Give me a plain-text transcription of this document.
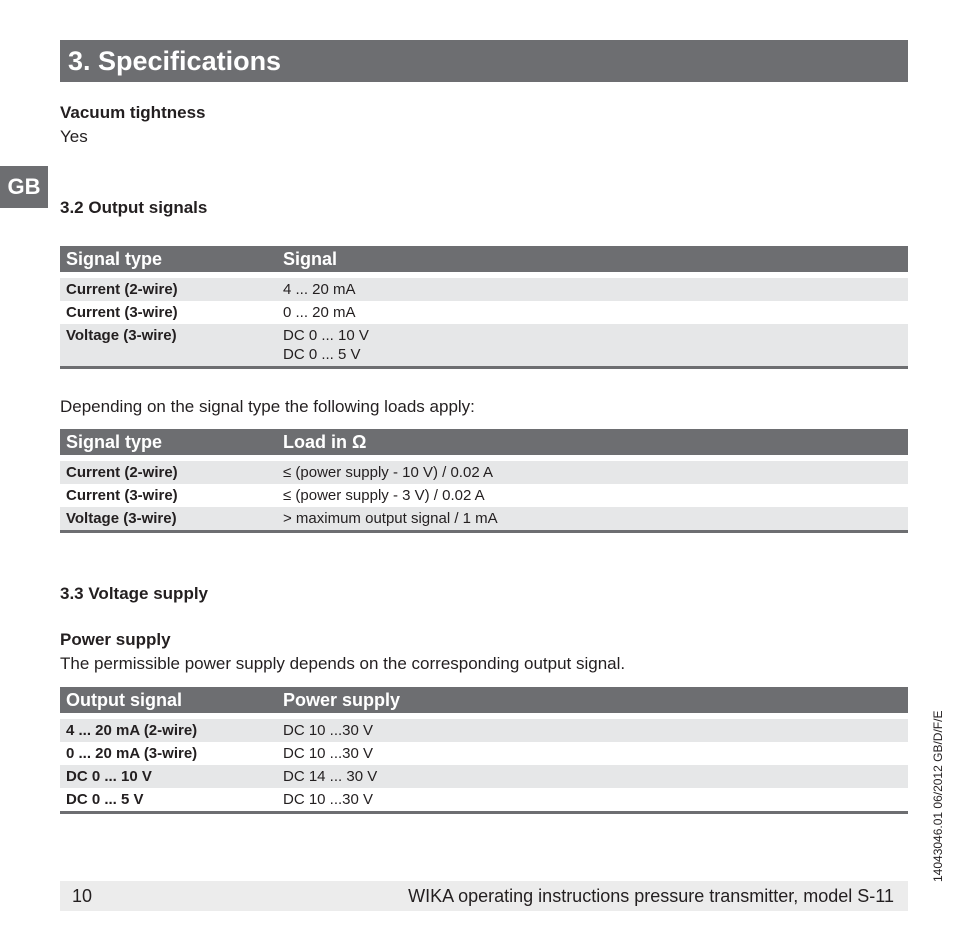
3. Specifications
GB
Vacuum tightness
Yes
3.2 Output signals
Signal type	Signal

Current (2-wire)	4 ... 20 mA
Current (3-wire)	0 ... 20 mA
Voltage (3-wire)	DC 0 ... 10 V
DC 0 ... 5 V
Depending on the signal type the following loads apply:
Signal type	Load in Ω

Current (2-wire)	≤ (power supply - 10 V) / 0.02 A
Current (3-wire)	≤ (power supply - 3 V) / 0.02 A
Voltage (3-wire)	> maximum output signal / 1 mA
3.3 Voltage supply
Power supply
The permissible power supply depends on the corresponding output signal.
Output signal	Power supply

4 ... 20 mA (2-wire)	DC 10 ...30 V
0 ... 20 mA (3-wire)	DC 10 ...30 V
DC 0 ... 10 V	DC 14 ... 30 V
DC 0 ... 5 V	DC 10 ...30 V	14043046.01 06/2012 GB/D/F/E
10	WIKA operating instructions pressure transmitter, model S-11
